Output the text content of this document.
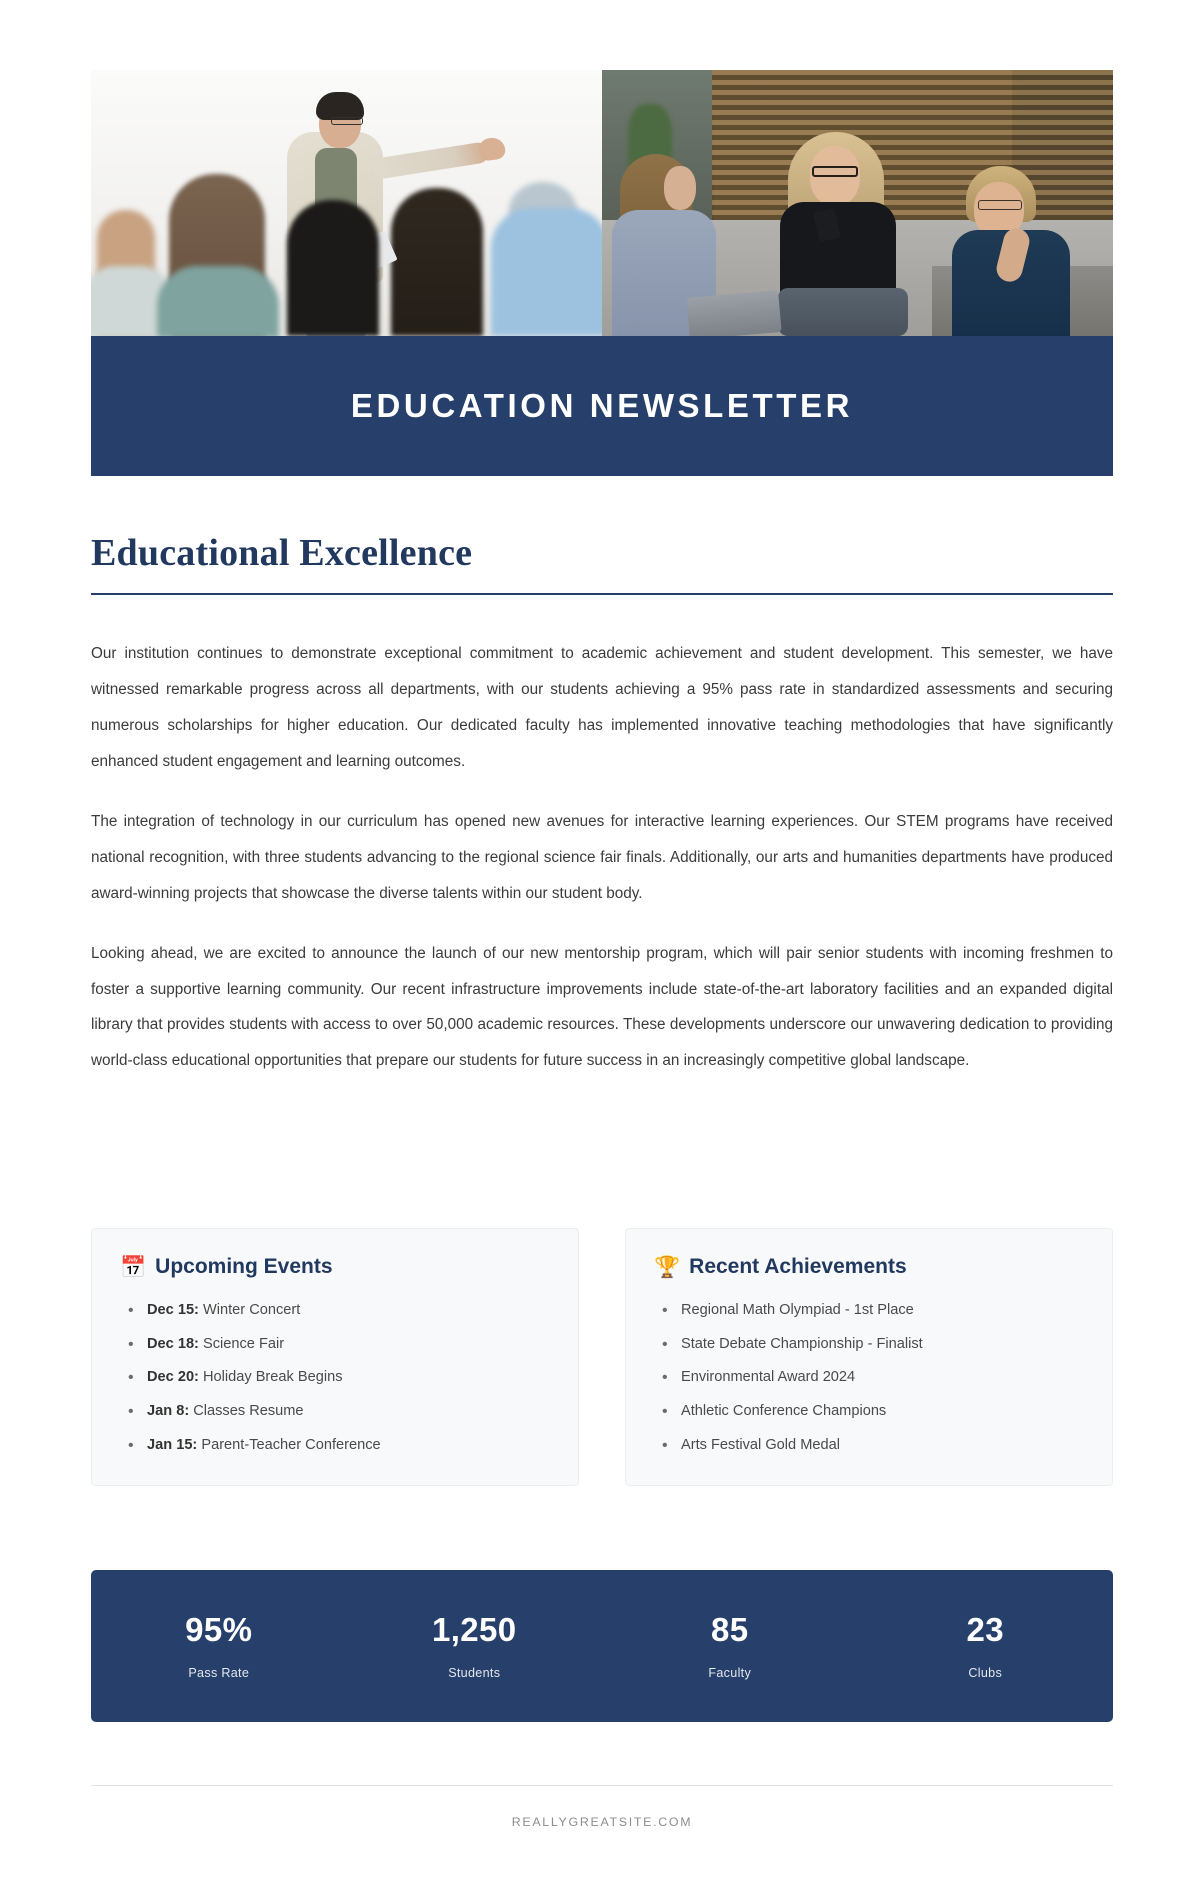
EDUCATION NEWSLETTER
Educational Excellence

Our institution continues to demonstrate exceptional commitment to academic achievement and student development. This semester, we have witnessed remarkable progress across all departments, with our students achieving a 95% pass rate in standardized assessments and securing numerous scholarships for higher education. Our dedicated faculty has implemented innovative teaching methodologies that have significantly enhanced student engagement and learning outcomes.

The integration of technology in our curriculum has opened new avenues for interactive learning experiences. Our STEM programs have received national recognition, with three students advancing to the regional science fair finals. Additionally, our arts and humanities departments have produced award-winning projects that showcase the diverse talents within our student body.

Looking ahead, we are excited to announce the launch of our new mentorship program, which will pair senior students with incoming freshmen to foster a supportive learning community. Our recent infrastructure improvements include state-of-the-art laboratory facilities and an expanded digital library that provides students with access to over 50,000 academic resources. These developments underscore our unwavering dedication to providing world-class educational opportunities that prepare our students for future success in an increasingly competitive global landscape.

📅 Upcoming Events
• Dec 15: Winter Concert
• Dec 18: Science Fair
• Dec 20: Holiday Break Begins
• Jan 8: Classes Resume
• Jan 15: Parent-Teacher Conference
🏆 Recent Achievements
• Regional Math Olympiad - 1st Place
• State Debate Championship - Finalist
• Environmental Award 2024
• Athletic Conference Champions
• Arts Festival Gold Medal
95%
Pass Rate
1,250
Students
85
Faculty
23
Clubs
REALLYGREATSITE.COM
